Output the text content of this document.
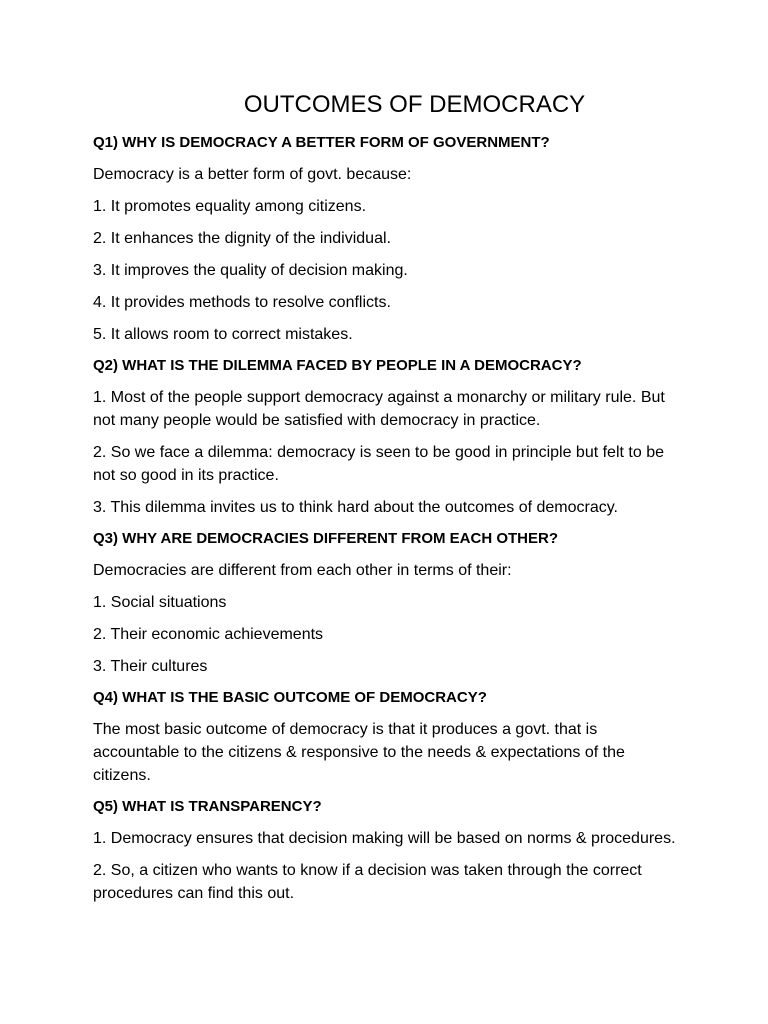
OUTCOMES OF DEMOCRACY

Q1) WHY IS DEMOCRACY A BETTER FORM OF GOVERNMENT?

Democracy is a better form of govt. because:

1. It promotes equality among citizens.

2. It enhances the dignity of the individual.

3. It improves the quality of decision making.

4. It provides methods to resolve conflicts.

5. It allows room to correct mistakes.

Q2) WHAT IS THE DILEMMA FACED BY PEOPLE IN A DEMOCRACY?

1. Most of the people support democracy against a monarchy or military rule. But not many people would be satisfied with democracy in practice.

2. So we face a dilemma: democracy is seen to be good in principle but felt to be not so good in its practice.

3. This dilemma invites us to think hard about the outcomes of democracy.

Q3) WHY ARE DEMOCRACIES DIFFERENT FROM EACH OTHER?

Democracies are different from each other in terms of their:

1. Social situations

2. Their economic achievements

3. Their cultures

Q4) WHAT IS THE BASIC OUTCOME OF DEMOCRACY?

The most basic outcome of democracy is that it produces a govt. that is accountable to the citizens & responsive to the needs & expectations of the citizens.

Q5) WHAT IS TRANSPARENCY?

1. Democracy ensures that decision making will be based on norms & procedures.

2. So, a citizen who wants to know if a decision was taken through the correct procedures can find this out.
